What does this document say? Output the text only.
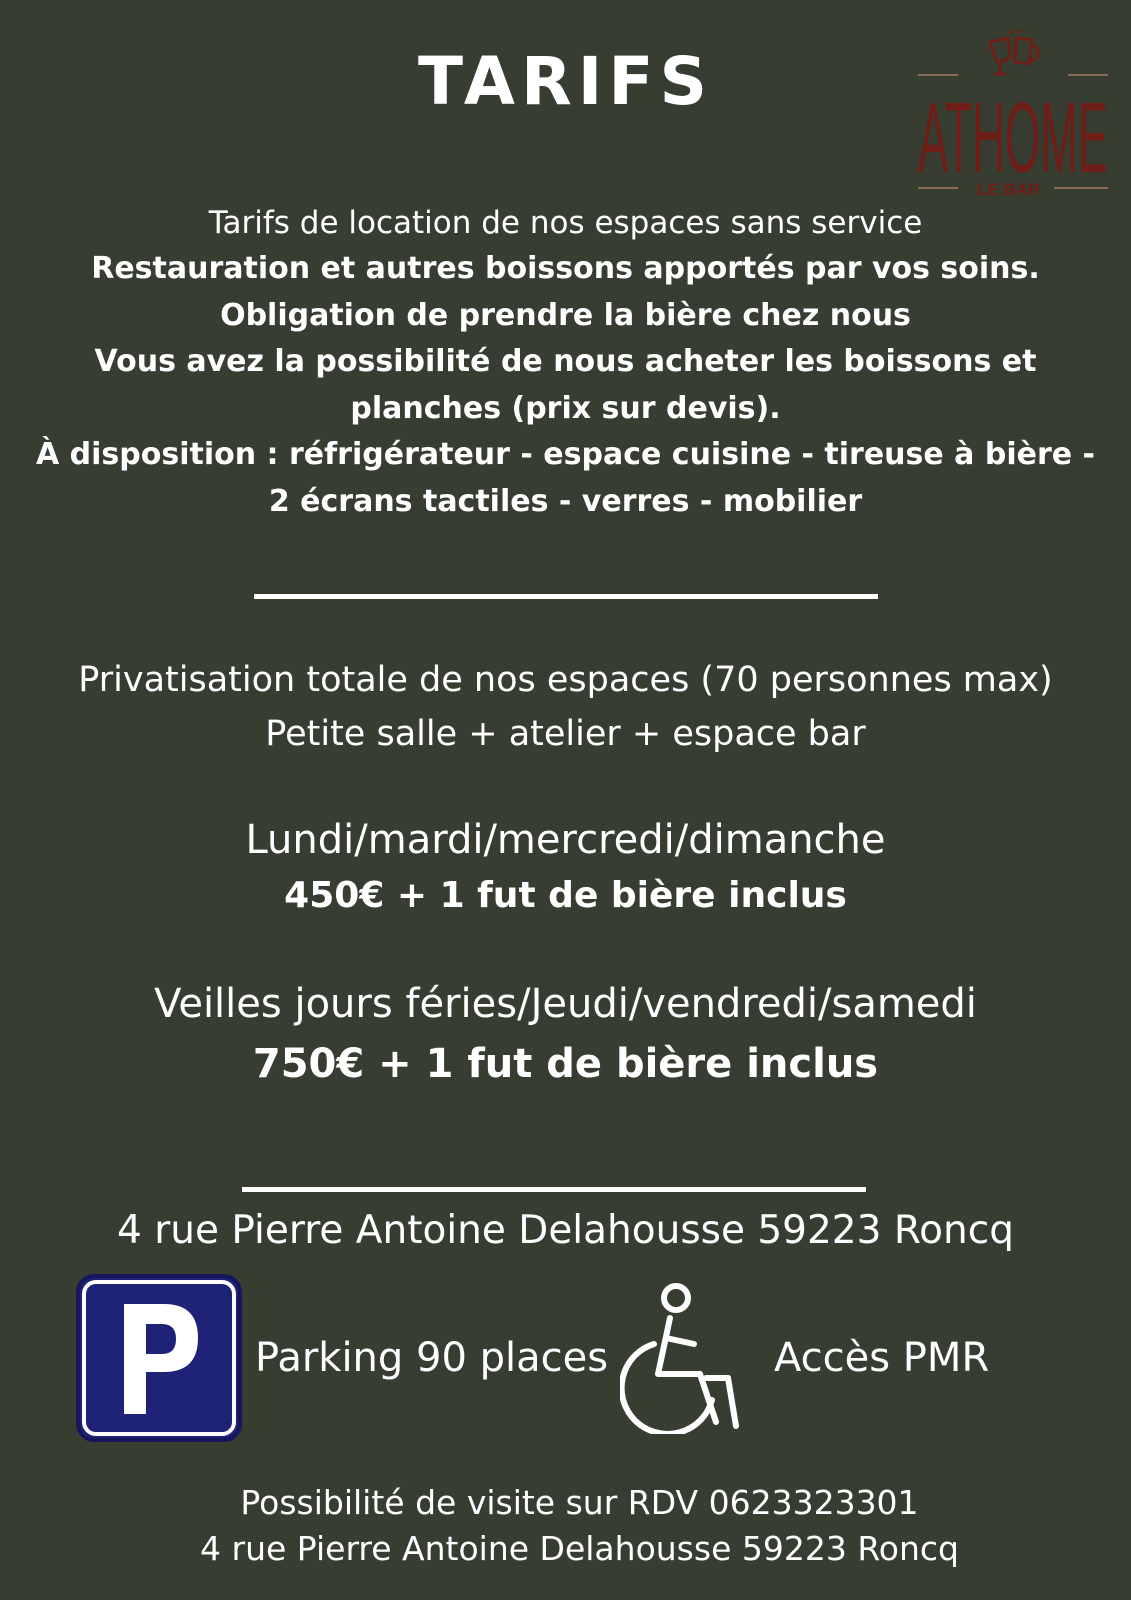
TARIFS
ATHOME
LE BAR
Tarifs de location de nos espaces sans service
Restauration et autres boissons apportés par vos soins.
Obligation de prendre la bière chez nous
Vous avez la possibilité de nous acheter les boissons et
planches (prix sur devis).
À disposition : réfrigérateur - espace cuisine - tireuse à bière -
2 écrans tactiles - verres - mobilier
Privatisation totale de nos espaces (70 personnes max)
Petite salle + atelier + espace bar
Lundi/mardi/mercredi/dimanche
450€ + 1 fut de bière inclus
Veilles jours féries/Jeudi/vendredi/samedi
750€ + 1 fut de bière inclus
4 rue Pierre Antoine Delahousse 59223 Roncq
Parking 90 places	Accès PMR
Possibilité de visite sur RDV 0623323301
4 rue Pierre Antoine Delahousse 59223 Roncq
